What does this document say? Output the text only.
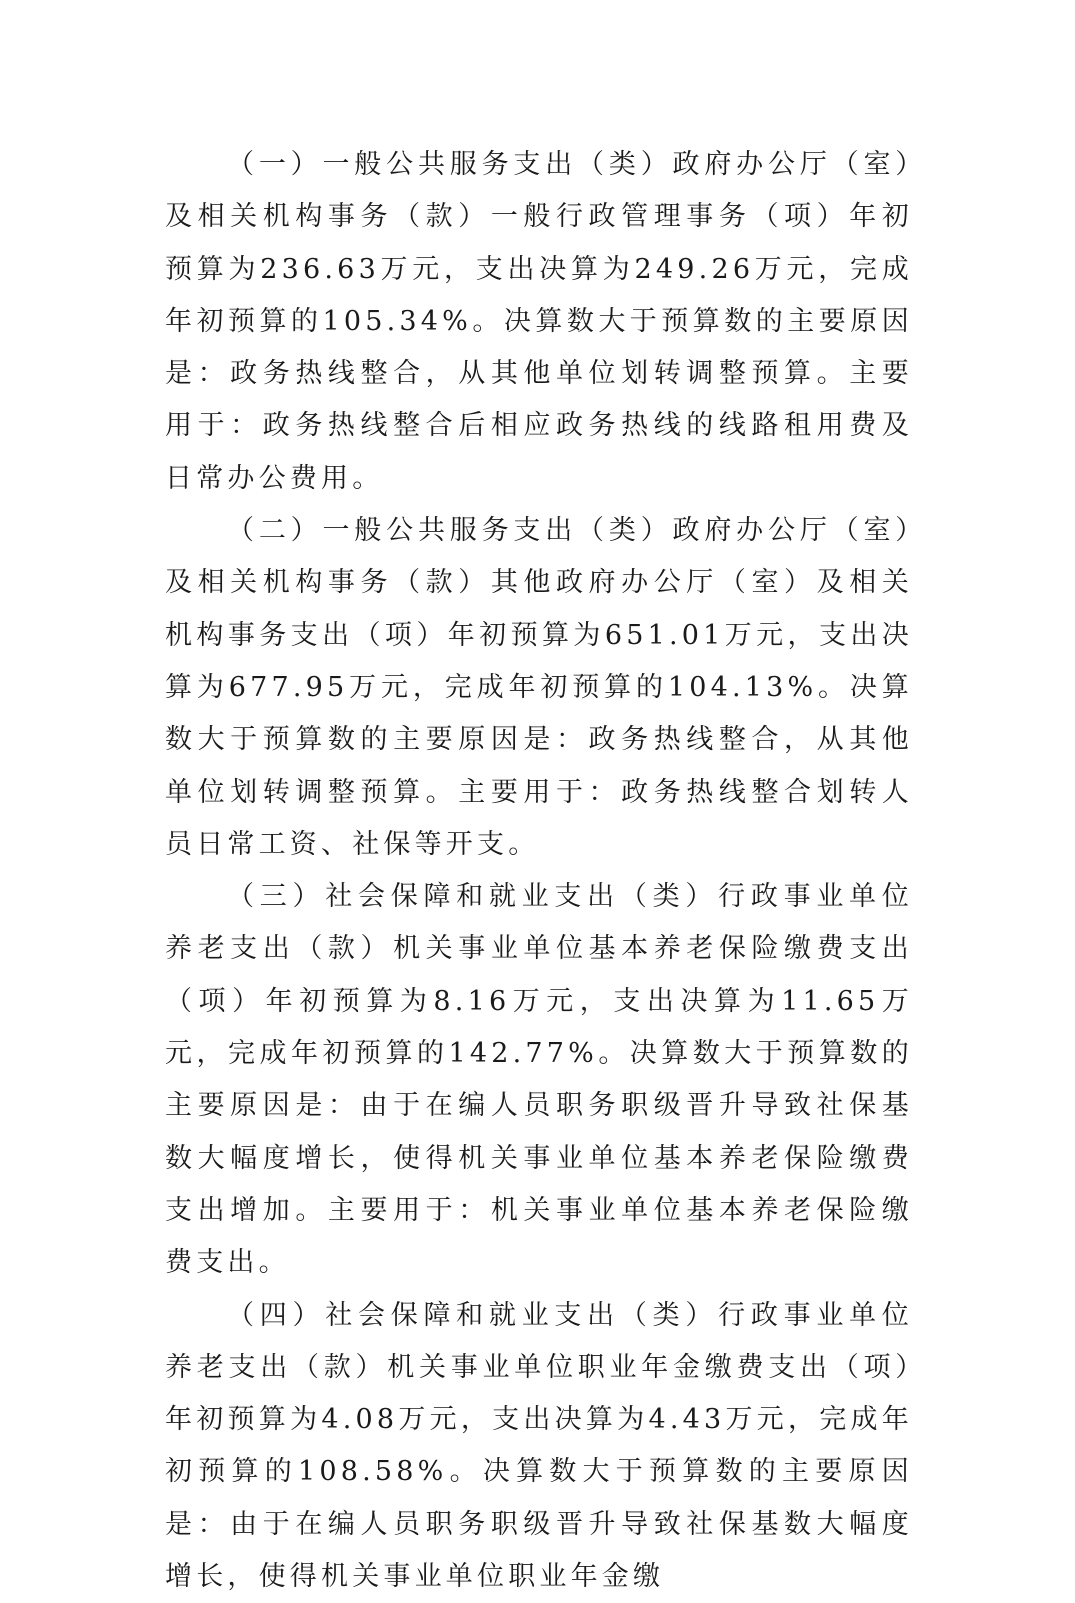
（一）一般公共服务支出（类）政府办公厅（室）及相关机构事务（款）一般行政管理事务（项）年初预算为236.63万元，支出决算为249.26万元，完成年初预算的105.34%。决算数大于预算数的主要原因是：政务热线整合，从其他单位划转调整预算。主要用于：政务热线整合后相应政务热线的线路租用费及日常办公费用。

（二）一般公共服务支出（类）政府办公厅（室）及相关机构事务（款）其他政府办公厅（室）及相关机构事务支出（项）年初预算为651.01万元，支出决算为677.95万元，完成年初预算的104.13%。决算数大于预算数的主要原因是：政务热线整合，从其他单位划转调整预算。主要用于：政务热线整合划转人员日常工资、社保等开支。

（三）社会保障和就业支出（类）行政事业单位养老支出（款）机关事业单位基本养老保险缴费支出（项）年初预算为8.16万元，支出决算为11.65万元，完成年初预算的142.77%。决算数大于预算数的主要原因是：由于在编人员职务职级晋升导致社保基数大幅度增长，使得机关事业单位基本养老保险缴费支出增加。主要用于：机关事业单位基本养老保险缴费支出。

（四）社会保障和就业支出（类）行政事业单位养老支出（款）机关事业单位职业年金缴费支出（项）年初预算为4.08万元，支出决算为4.43万元，完成年初预算的108.58%。决算数大于预算数的主要原因是：由于在编人员职务职级晋升导致社保基数大幅度增长，使得机关事业单位职业年金缴
